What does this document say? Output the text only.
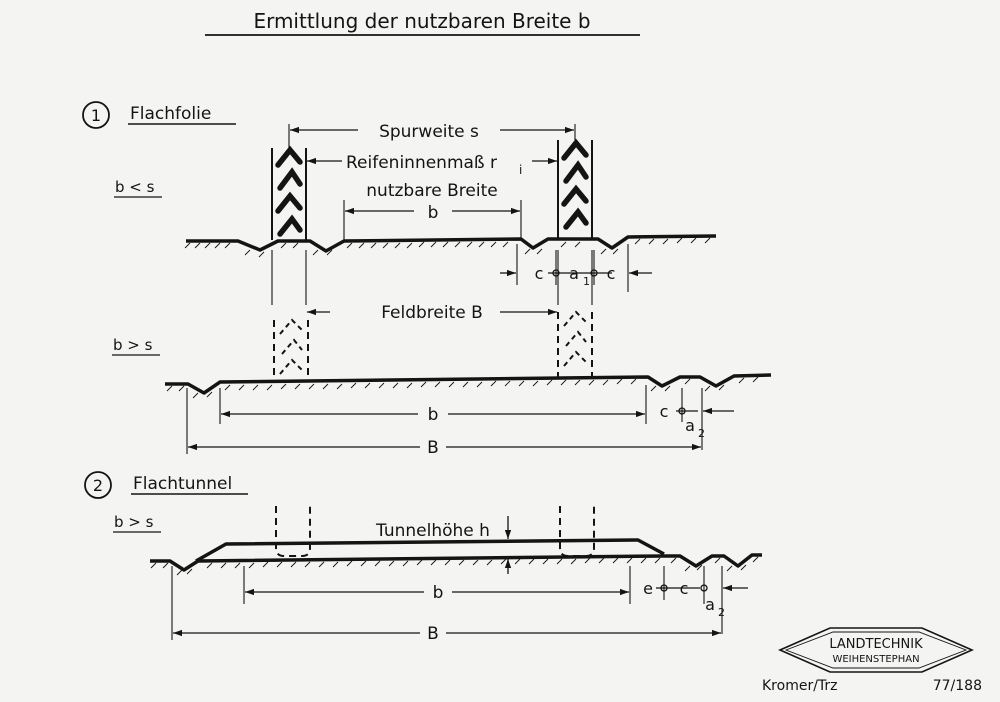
Ermittlung der nutzbaren Breite b
1 Flachfolie
b < s
Spurweite s
Reifeninnenmaß r i
nutzbare Breite
b
c a 1 c
Feldbreite B
b > s
b	c
a 2
B
2 Flachtunnel
b > s	Tunnelhöhe h
b	e c
a 2
B
LANDTECHNIK
WEIHENSTEPHAN
Kromer/Trz	77/188
